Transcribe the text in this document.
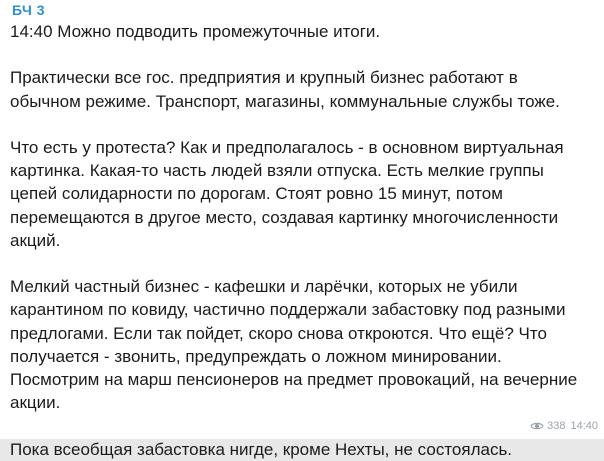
БЧ 3
14:40 Можно подводить промежуточные итоги.
Практически все гос. предприятия и крупный бизнес работают в
обычном режиме. Транспорт, магазины, коммунальные службы тоже.
Что есть у протеста? Как и предполагалось - в основном виртуальная
картинка. Какая-то часть людей взяли отпуска. Есть мелкие группы
цепей солидарности по дорогам. Стоят ровно 15 минут, потом
перемещаются в другое место, создавая картинку многочисленности
акций.
Мелкий частный бизнес - кафешки и ларёчки, которых не убили
карантином по ковиду, частично поддержали забастовку под разными
предлогами. Если так пойдет, скоро снова откроются. Что ещё? Что
получается - звонить, предупреждать о ложном минировании.
Посмотрим на марш пенсионеров на предмет провокаций, на вечерние
акции.
Пока всеобщая забастовка нигде, кроме Нехты, не состоялась.
338 14:40
